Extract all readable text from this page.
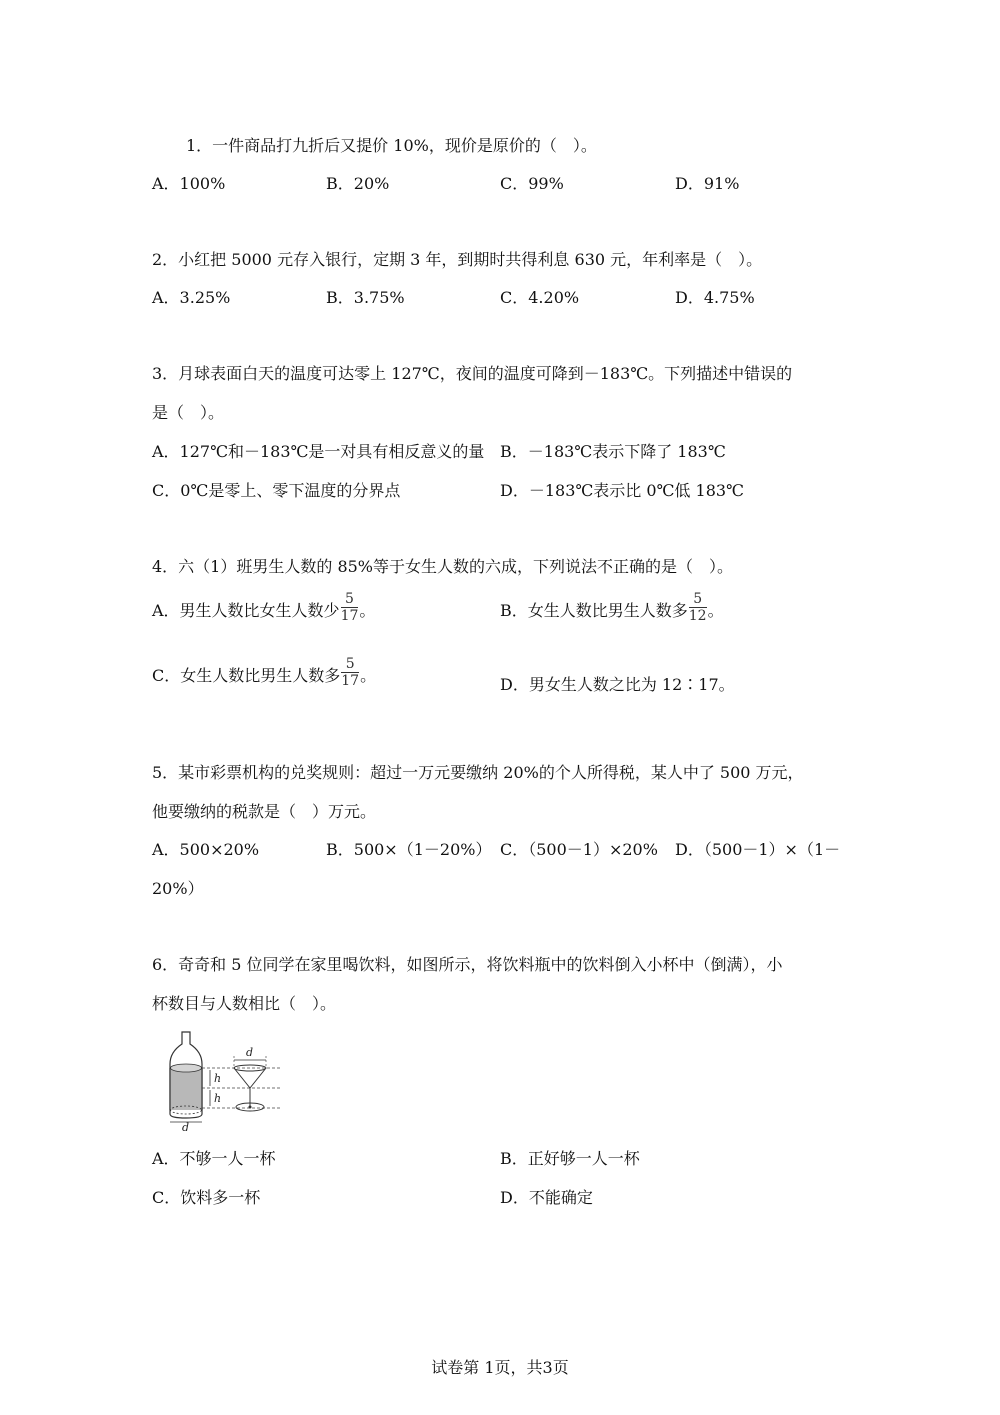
1．一件商品打九折后又提价 10%，现价是原价的（　）。
A．100%	B．20%	C．99%	D．91%
2．小红把 5000 元存入银行，定期 3 年，到期时共得利息 630 元，年利率是（　）。
A．3.25%	B．3.75%	C．4.20%	D．4.75%
3．月球表面白天的温度可达零上 127℃，夜间的温度可降到－183℃。下列描述中错误的
是（　）。
A．127℃和－183℃是一对具有相反意义的量 B．－183℃表示下降了 183℃
C．0℃是零上、零下温度的分界点	D．－183℃表示比 0℃低 183℃
4．六（1）班男生人数的 85%等于女生人数的六成，下列说法不正确的是（　）。
A．男生人数比女生人数少 $\frac{5}{17}$ 。	B．女生人数比男生人数多 $\frac{5}{12}$ 。
C．女生人数比男生人数多 $\frac{5}{17}$ 。	D．男女生人数之比为 12∶17。
5．某市彩票机构的兑奖规则：超过一万元要缴纳 20%的个人所得税，某人中了 500 万元，
他要缴纳的税款是（　）万元。
A．500×20%	B．500×（1－20%） C．（500－1）×20% D．（500－1）×（1－
20%）
6．奇奇和 5 位同学在家里喝饮料，如图所示，将饮料瓶中的饮料倒入小杯中（倒满），小
杯数目与人数相比（　）。
h
h
d
d
A．不够一人一杯	B．正好够一人一杯
C．饮料多一杯	D．不能确定
试卷第 1页，共3页
